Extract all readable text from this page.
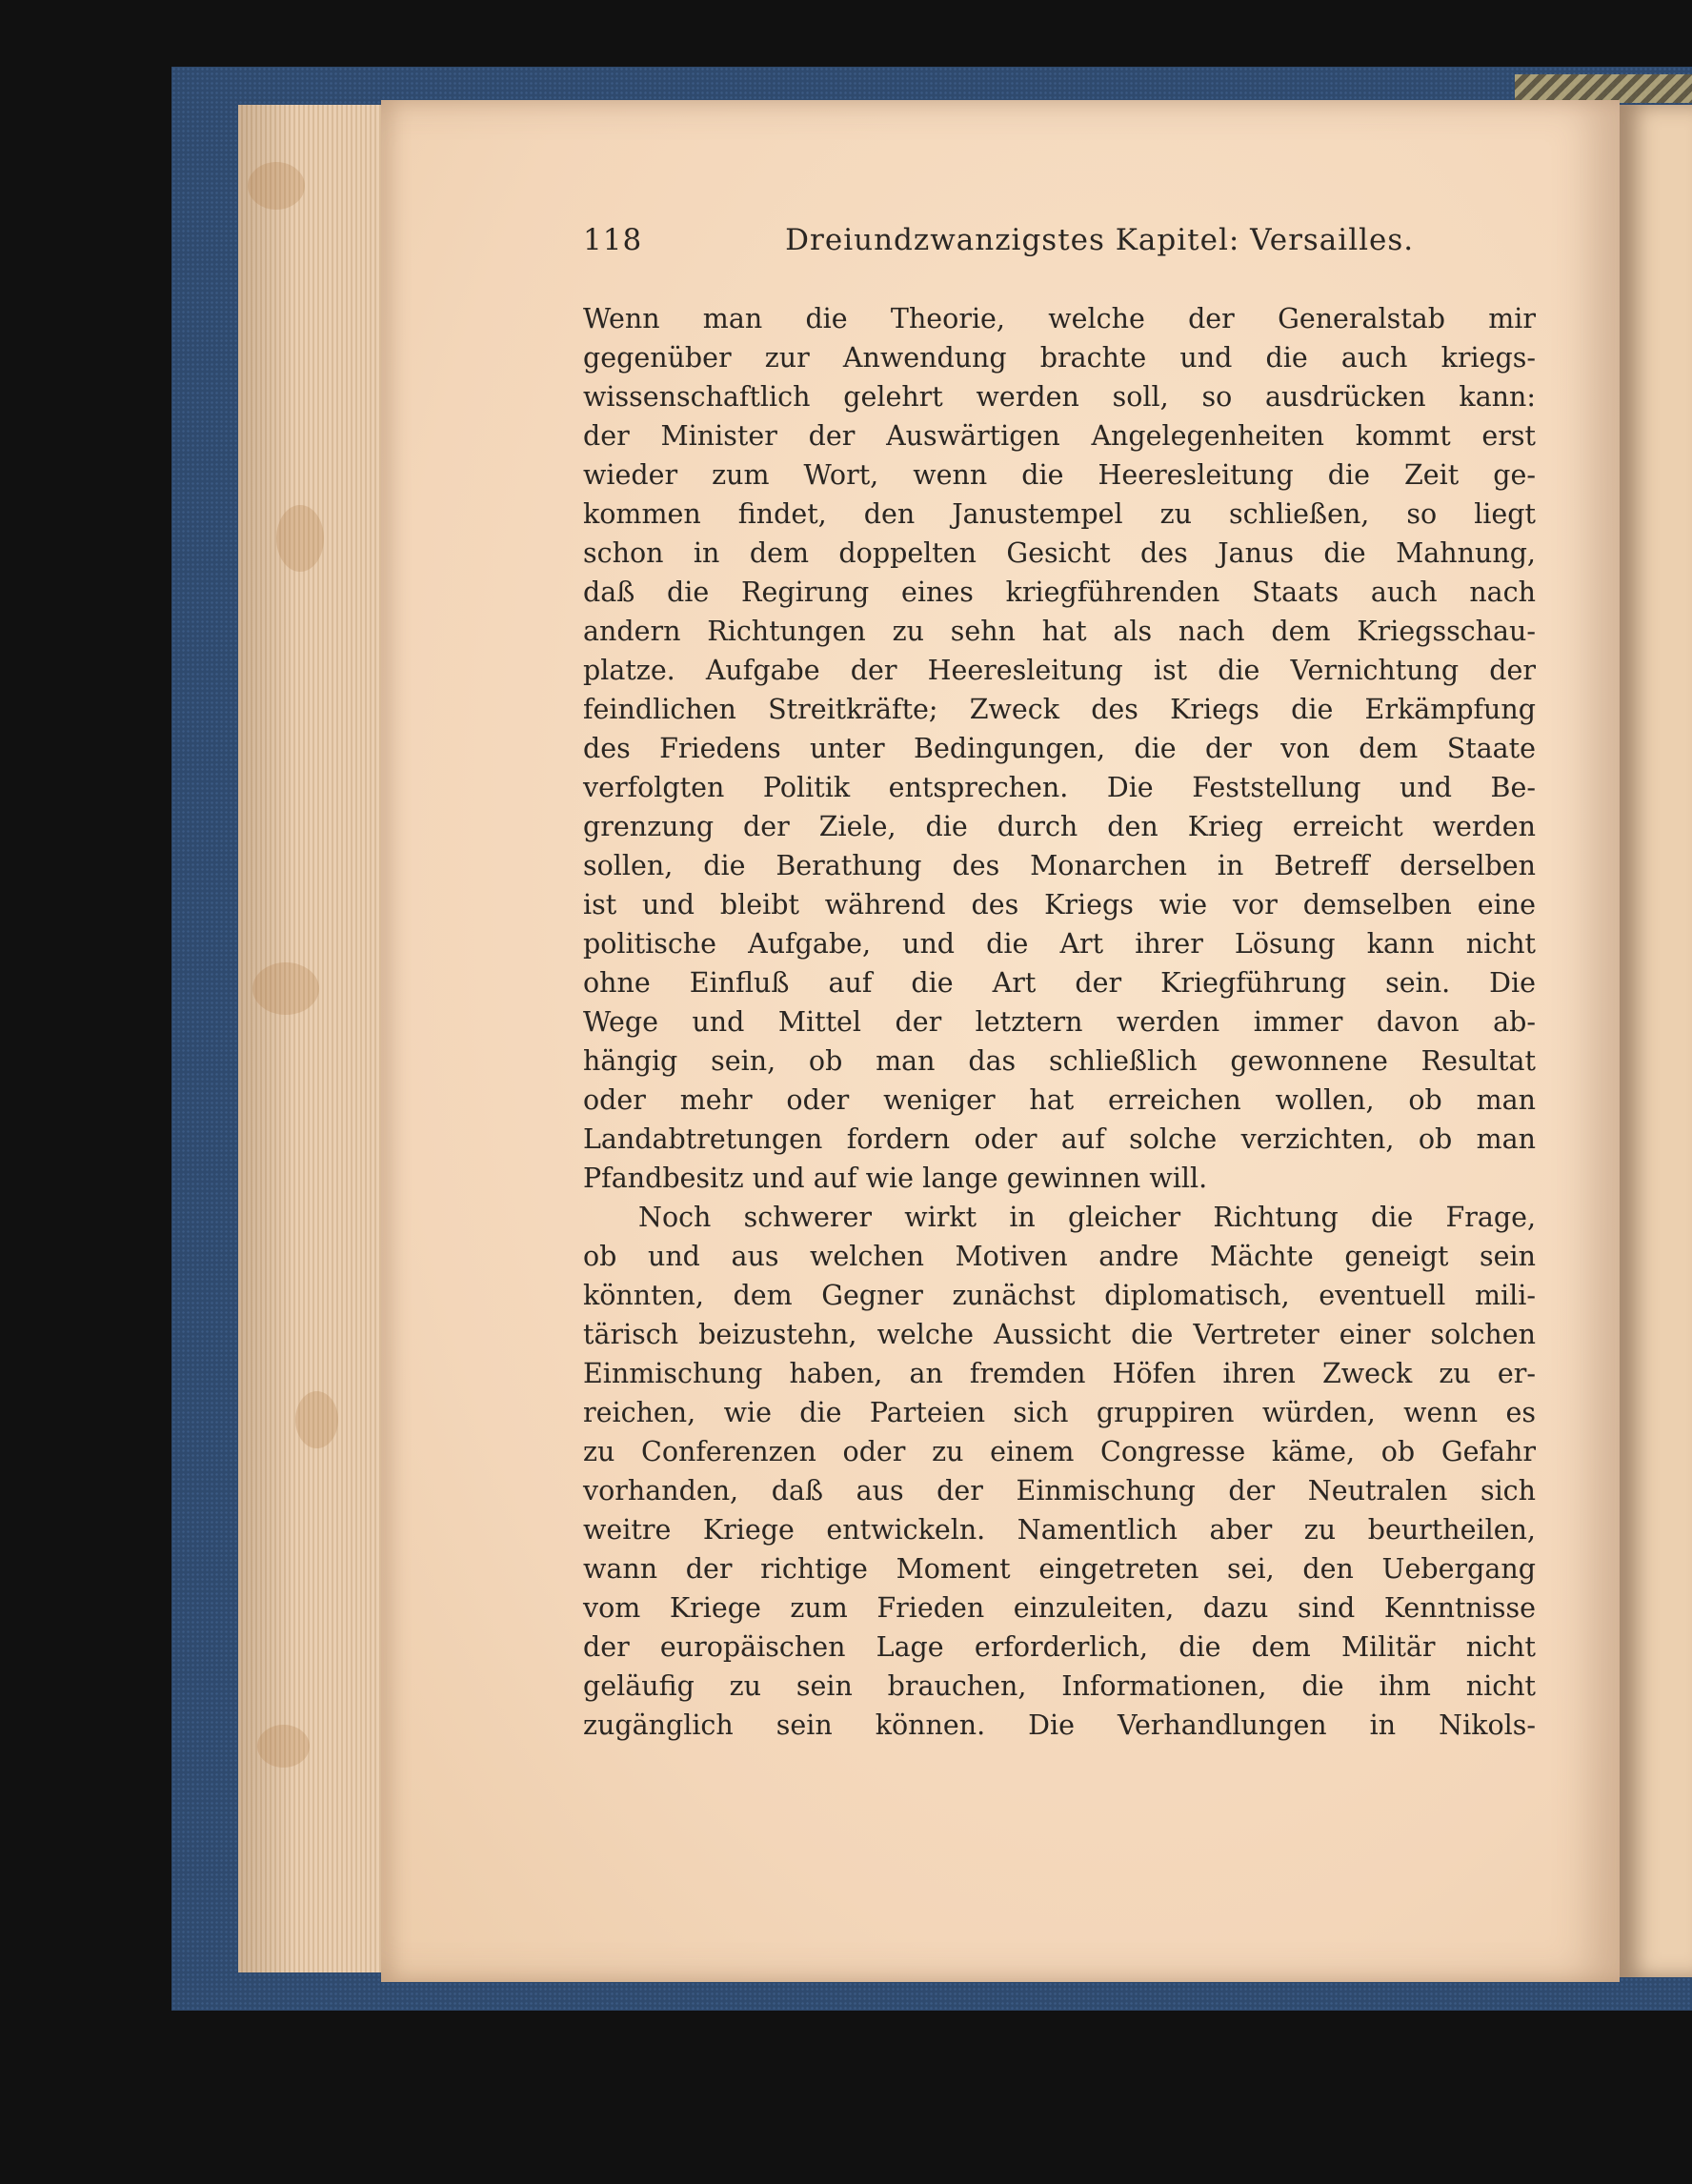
118	Dreiundzwanzigstes Kapitel: Versailles.
Wenn man die Theorie, welche der Generalstab mir
gegenüber zur Anwendung brachte und die auch kriegs-
wissenschaftlich gelehrt werden soll, so ausdrücken kann:
der Minister der Auswärtigen Angelegenheiten kommt erst
wieder zum Wort, wenn die Heeresleitung die Zeit ge-
kommen findet, den Janustempel zu schließen, so liegt
schon in dem doppelten Gesicht des Janus die Mahnung,
daß die Regirung eines kriegführenden Staats auch nach
andern Richtungen zu sehn hat als nach dem Kriegsschau-
platze. Aufgabe der Heeresleitung ist die Vernichtung der
feindlichen Streitkräfte; Zweck des Kriegs die Erkämpfung
des Friedens unter Bedingungen, die der von dem Staate
verfolgten Politik entsprechen. Die Feststellung und Be-
grenzung der Ziele, die durch den Krieg erreicht werden
sollen, die Berathung des Monarchen in Betreff derselben
ist und bleibt während des Kriegs wie vor demselben eine
politische Aufgabe, und die Art ihrer Lösung kann nicht
ohne Einfluß auf die Art der Kriegführung sein. Die
Wege und Mittel der letztern werden immer davon ab-
hängig sein, ob man das schließlich gewonnene Resultat
oder mehr oder weniger hat erreichen wollen, ob man
Landabtretungen fordern oder auf solche verzichten, ob man
Pfandbesitz und auf wie lange gewinnen will.
Noch schwerer wirkt in gleicher Richtung die Frage,
ob und aus welchen Motiven andre Mächte geneigt sein
könnten, dem Gegner zunächst diplomatisch, eventuell mili-
tärisch beizustehn, welche Aussicht die Vertreter einer solchen
Einmischung haben, an fremden Höfen ihren Zweck zu er-
reichen, wie die Parteien sich gruppiren würden, wenn es
zu Conferenzen oder zu einem Congresse käme, ob Gefahr
vorhanden, daß aus der Einmischung der Neutralen sich
weitre Kriege entwickeln. Namentlich aber zu beurtheilen,
wann der richtige Moment eingetreten sei, den Uebergang
vom Kriege zum Frieden einzuleiten, dazu sind Kenntnisse
der europäischen Lage erforderlich, die dem Militär nicht
geläufig zu sein brauchen, Informationen, die ihm nicht
zugänglich sein können. Die Verhandlungen in Nikols-
